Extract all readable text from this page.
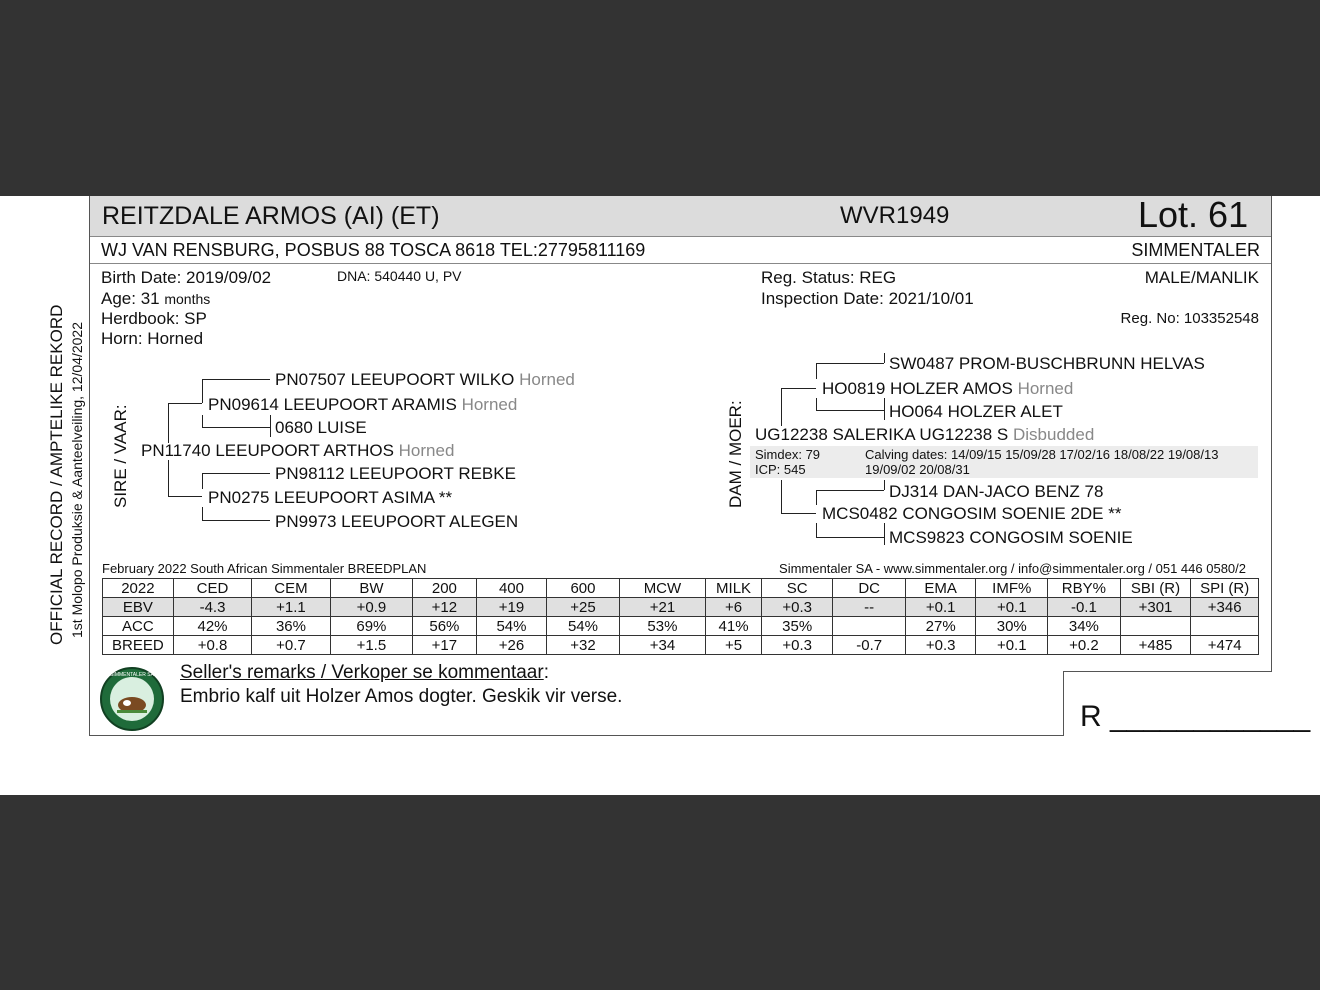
REITZDALE ARMOS (AI) (ET)	WVR1949	Lot. 61
WJ VAN RENSBURG, POSBUS 88 TOSCA 8618 TEL:27795811169	SIMMENTALER
OFFICIAL RECORD / AMPTELIKE REKORD 1st Molopo Produksie & Aanteelveiling, 12/04/2022
Birth Date: 2019/09/02	DNA: 540440 U, PV
Age: 31 months
Herdbook: SP
Horn: Horned
Reg. Status: REG
Inspection Date: 2021/10/01
MALE/MANLIK
Reg. No: 103352548
SIRE / VAAR:
PN07507 LEEUPOORT WILKO Horned
PN09614 LEEUPOORT ARAMIS Horned
0680 LUISE
PN11740 LEEUPOORT ARTHOS Horned
PN98112 LEEUPOORT REBKE
PN0275 LEEUPOORT ASIMA **
PN9973 LEEUPOORT ALEGEN
DAM / MOER:
SW0487 PROM-BUSCHBRUNN HELVAS
HO0819 HOLZER AMOS Horned
HO064 HOLZER ALET
UG12238 SALERIKA UG12238 S Disbudded
Simdex: 79
ICP: 545
Calving dates: 14/09/15 15/09/28 17/02/16 18/08/22 19/08/13
19/09/02 20/08/31
DJ314 DAN-JACO BENZ 78
MCS0482 CONGOSIM SOENIE 2DE **
MCS9823 CONGOSIM SOENIE
February 2022 South African Simmentaler BREEDPLAN	Simmentaler SA - www.simmentaler.org / info@simmentaler.org / 051 446 0580/2
2022	CED	CEM	BW	200	400	600	MCW	MILK	SC	DC	EMA	IMF%	RBY%	SBI (R)	SPI (R)
EBV	-4.3	+1.1	+0.9	+12	+19	+25	+21	+6	+0.3	--	+0.1	+0.1	-0.1	+301	+346
ACC	42%	36%	69%	56%	54%	54%	53%	41%	35%		27%	30%	34%		
BREED	+0.8	+0.7	+1.5	+17	+26	+32	+34	+5	+0.3	-0.7	+0.3	+0.1	+0.2	+485	+474
SIMMENTALER SA Seller's remarks / Verkoper se kommentaar:
Embrio kalf uit Holzer Amos dogter. Geskik vir verse.
R ____________
